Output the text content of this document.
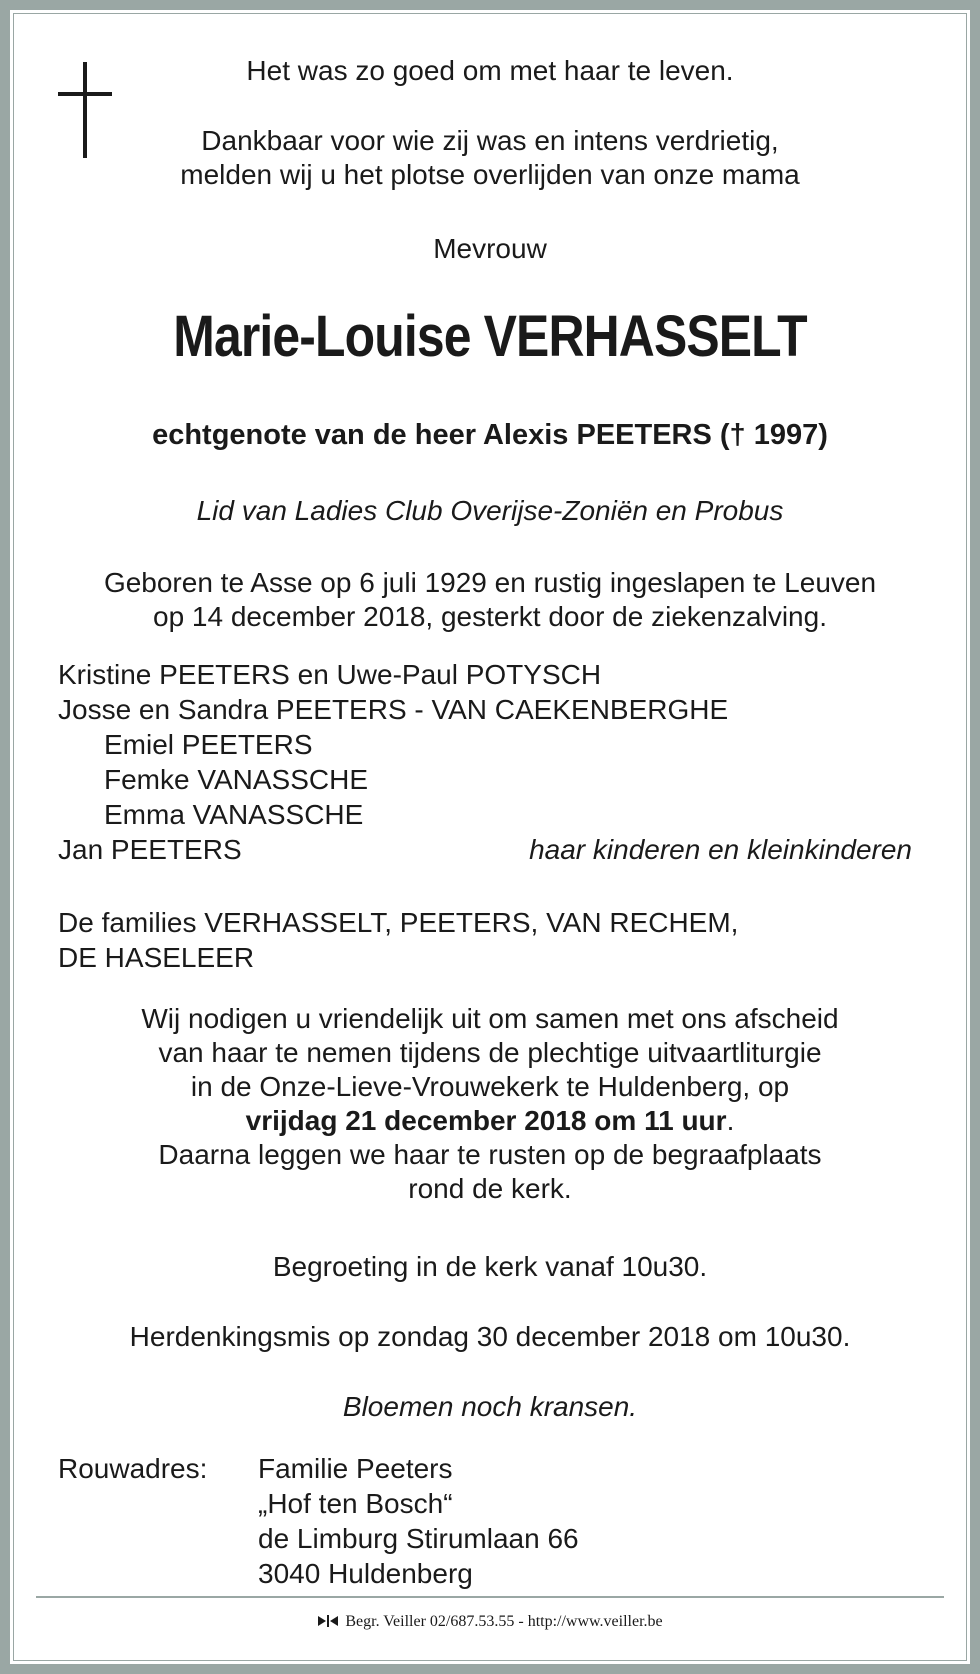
Het was zo goed om met haar te leven.
Dankbaar voor wie zij was en intens verdrietig,
melden wij u het plotse overlijden van onze mama
Mevrouw
Marie-Louise VERHASSELT
echtgenote van de heer Alexis PEETERS († 1997)
Lid van Ladies Club Overijse-Zoniën en Probus
Geboren te Asse op 6 juli 1929 en rustig ingeslapen te Leuven
op 14 december 2018, gesterkt door de ziekenzalving.
Kristine PEETERS en Uwe-Paul POTYSCH
Josse en Sandra PEETERS - VAN CAEKENBERGHE
Emiel PEETERS
Femke VANASSCHE
Emma VANASSCHE
Jan PEETERS	haar kinderen en kleinkinderen
De families VERHASSELT, PEETERS, VAN RECHEM,
DE HASELEER
Wij nodigen u vriendelijk uit om samen met ons afscheid
van haar te nemen tijdens de plechtige uitvaartliturgie
in de Onze-Lieve-Vrouwekerk te Huldenberg, op
vrijdag 21 december 2018 om 11 uur.
Daarna leggen we haar te rusten op de begraafplaats
rond de kerk.
Begroeting in de kerk vanaf 10u30.
Herdenkingsmis op zondag 30 december 2018 om 10u30.
Bloemen noch kransen.
Rouwadres: Familie Peeters
„Hof ten Bosch“
de Limburg Stirumlaan 66
3040 Huldenberg
Begr. Veiller 02/687.53.55 - http://www.veiller.be
